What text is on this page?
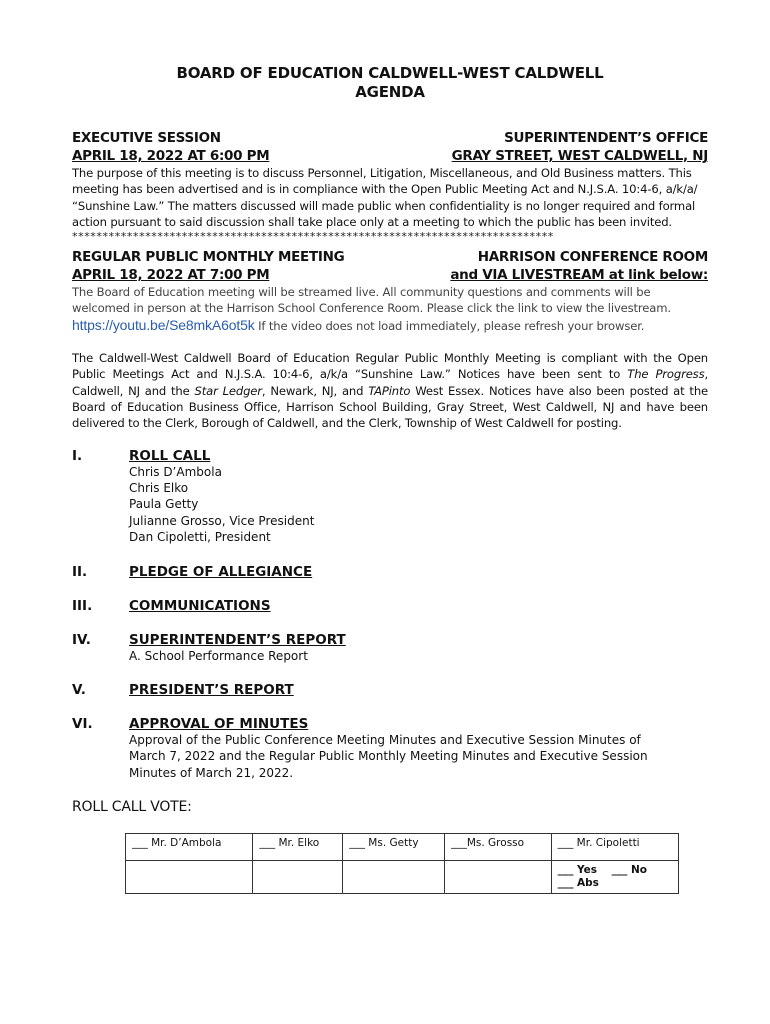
BOARD OF EDUCATION CALDWELL-WEST CALDWELL
AGENDA
EXECUTIVE SESSION	SUPERINTENDENT’S OFFICE
APRIL 18, 2022 AT 6:00 PM	GRAY STREET, WEST CALDWELL, NJ
The purpose of this meeting is to discuss Personnel, Litigation, Miscellaneous, and Old Business matters. This meeting has been advertised and is in compliance with the Open Public Meeting Act and N.J.S.A. 10:4-6, a/k/a/ “Sunshine Law.” The matters discussed will made public when confidentiality is no longer required and formal action pursuant to said discussion shall take place only at a meeting to which the public has been invited.
*******************************************************************************
REGULAR PUBLIC MONTHLY MEETING	HARRISON CONFERENCE ROOM
APRIL 18, 2022 AT 7:00 PM	and VIA LIVESTREAM at link below:
The Board of Education meeting will be streamed live. All community questions and comments will be welcomed in person at the Harrison School Conference Room. Please click the link to view the livestream. https://youtu.be/Se8mkA6ot5k If the video does not load immediately, please refresh your browser.
The Caldwell-West Caldwell Board of Education Regular Public Monthly Meeting is compliant with the Open Public Meetings Act and N.J.S.A. 10:4-6, a/k/a “Sunshine Law.” Notices have been sent to The Progress, Caldwell, NJ and the Star Ledger, Newark, NJ, and TAPinto West Essex. Notices have also been posted at the Board of Education Business Office, Harrison School Building, Gray Street, West Caldwell, NJ and have been delivered to the Clerk, Borough of Caldwell, and the Clerk, Township of West Caldwell for posting.
I.	ROLL CALL
Chris D’Ambola
Chris Elko
Paula Getty
Julianne Grosso, Vice President
Dan Cipoletti, President
II.	PLEDGE OF ALLEGIANCE
III.	COMMUNICATIONS
IV.	SUPERINTENDENT’S REPORT
A. School Performance Report
V.	PRESIDENT’S REPORT
VI.	APPROVAL OF MINUTES
Approval of the Public Conference Meeting Minutes and Executive Session Minutes of March 7, 2022 and the Regular Public Monthly Meeting Minutes and Executive Session Minutes of March 21, 2022.
ROLL CALL VOTE:
___ Mr. D’Ambola	___ Mr. Elko	___ Ms. Getty	___Ms. Grosso	___ Mr. Cipoletti

				___ Yes ___ No
___ Abs
